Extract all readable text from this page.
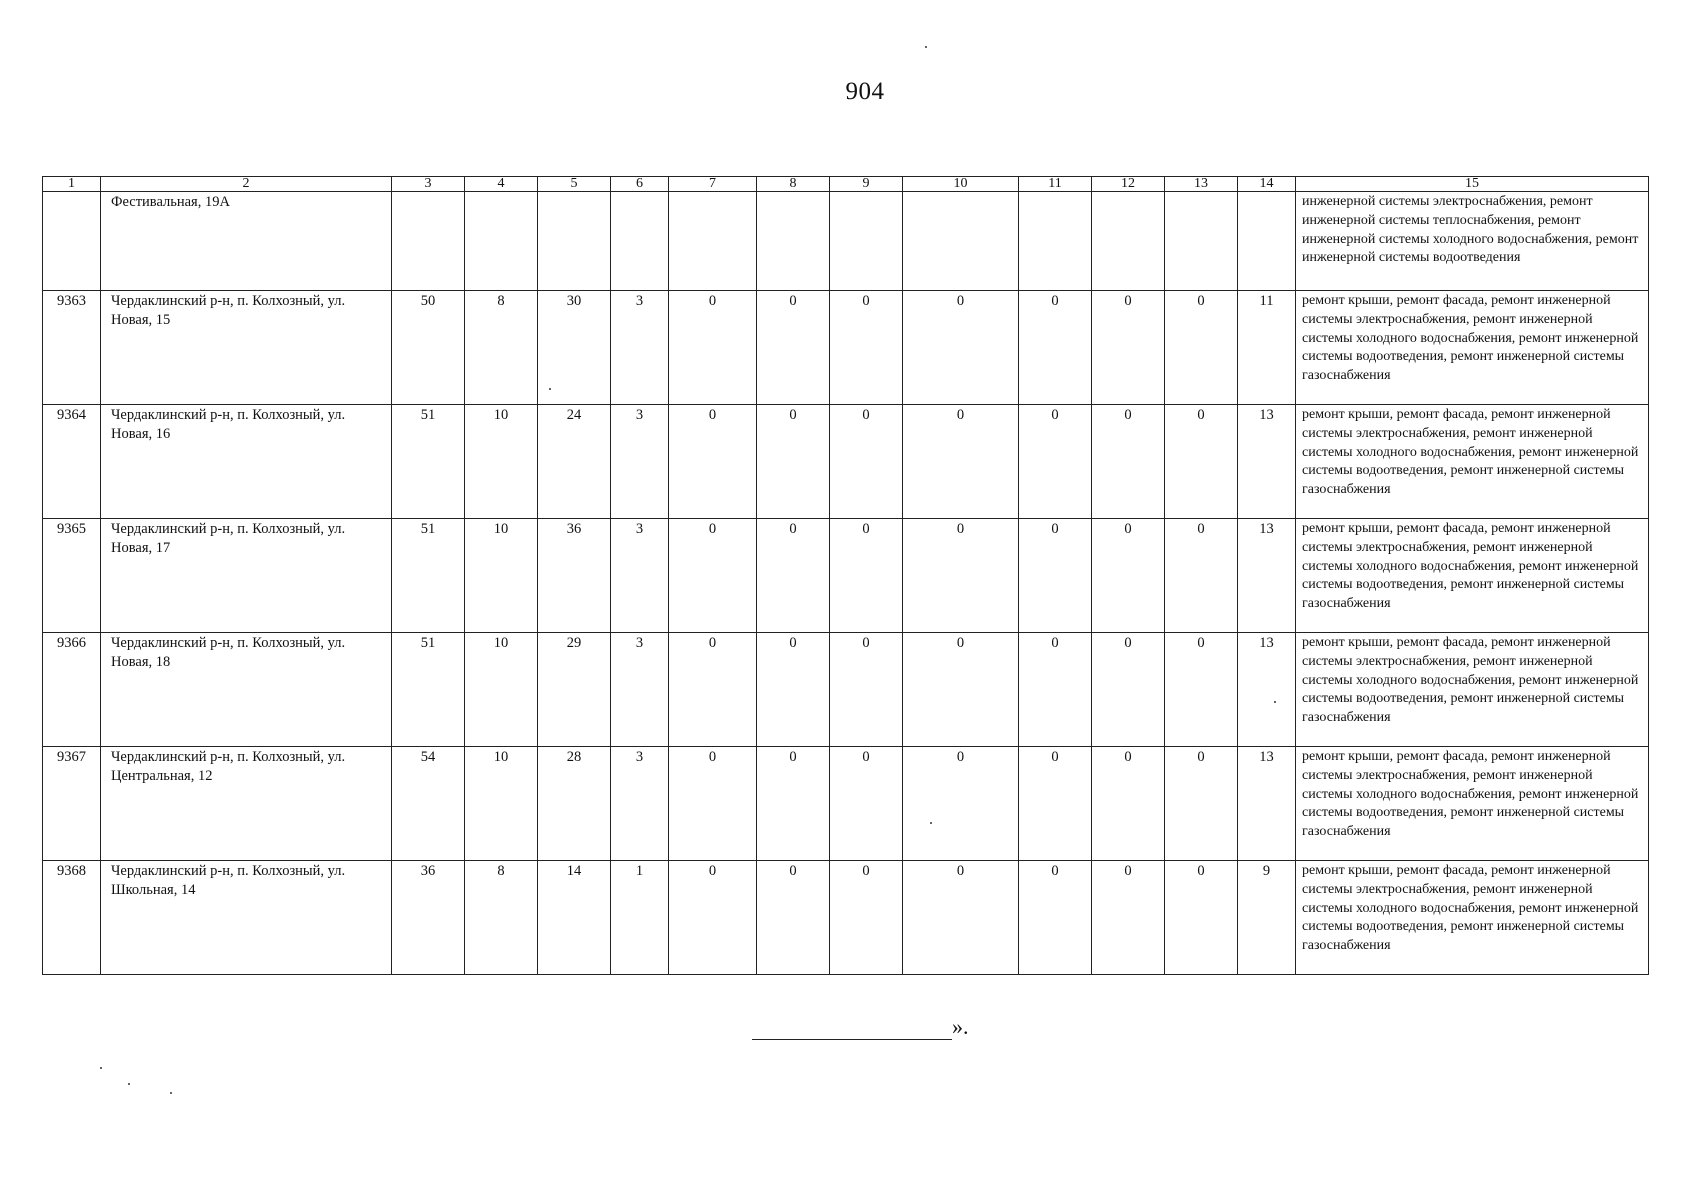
904
1	2	3	4	5	6	7	8	9	10	11	12	13	14	15
	Фестивальная, 19А													инженерной системы электроснабжения, ремонт инженерной системы теплоснабжения, ремонт инженерной системы холодного водоснабжения, ремонт инженерной системы водоотведения
9363	Чердаклинский р-н, п. Колхозный, ул. Новая, 15	50	8	30	3	0	0	0	0	0	0	0	11	ремонт крыши, ремонт фасада, ремонт инженерной системы электроснабжения, ремонт инженерной системы холодного водоснабжения, ремонт инженерной системы водоотведения, ремонт инженерной системы газоснабжения
9364	Чердаклинский р-н, п. Колхозный, ул. Новая, 16	51	10	24	3	0	0	0	0	0	0	0	13	ремонт крыши, ремонт фасада, ремонт инженерной системы электроснабжения, ремонт инженерной системы холодного водоснабжения, ремонт инженерной системы водоотведения, ремонт инженерной системы газоснабжения
9365	Чердаклинский р-н, п. Колхозный, ул. Новая, 17	51	10	36	3	0	0	0	0	0	0	0	13	ремонт крыши, ремонт фасада, ремонт инженерной системы электроснабжения, ремонт инженерной системы холодного водоснабжения, ремонт инженерной системы водоотведения, ремонт инженерной системы газоснабжения
9366	Чердаклинский р-н, п. Колхозный, ул. Новая, 18	51	10	29	3	0	0	0	0	0	0	0	13	ремонт крыши, ремонт фасада, ремонт инженерной системы электроснабжения, ремонт инженерной системы холодного водоснабжения, ремонт инженерной системы водоотведения, ремонт инженерной системы газоснабжения
9367	Чердаклинский р-н, п. Колхозный, ул. Центральная, 12	54	10	28	3	0	0	0	0	0	0	0	13	ремонт крыши, ремонт фасада, ремонт инженерной системы электроснабжения, ремонт инженерной системы холодного водоснабжения, ремонт инженерной системы водоотведения, ремонт инженерной системы газоснабжения
9368	Чердаклинский р-н, п. Колхозный, ул. Школьная, 14	36	8	14	1	0	0	0	0	0	0	0	9	ремонт крыши, ремонт фасада, ремонт инженерной системы электроснабжения, ремонт инженерной системы холодного водоснабжения, ремонт инженерной системы водоотведения, ремонт инженерной системы газоснабжения
».
